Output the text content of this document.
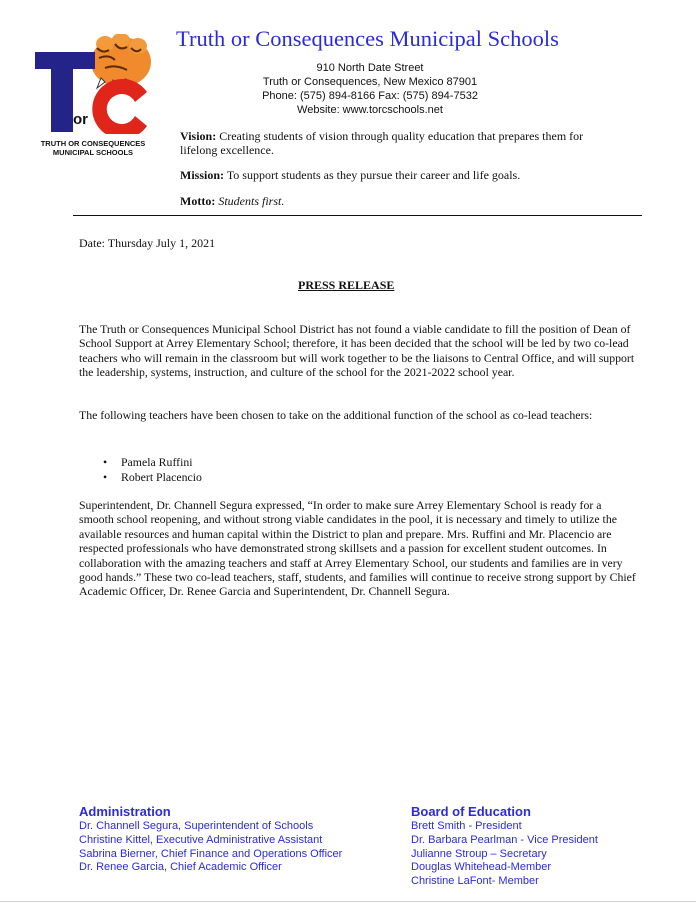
or
TRUTH OR CONSEQUENCES
MUNICIPAL SCHOOLS
Truth or Consequences Municipal Schools
910 North Date Street
Truth or Consequences, New Mexico 87901
Phone: (575) 894-8166 Fax: (575) 894-7532
Website: www.torcschools.net
Vision: Creating students of vision through quality education that prepares them for lifelong excellence.
Mission: To support students as they pursue their career and life goals.
Motto: Students first.
Date: Thursday July 1, 2021
PRESS RELEASE
The Truth or Consequences Municipal School District has not found a viable candidate to fill the position of Dean of School Support at Arrey Elementary School; therefore, it has been decided that the school will be led by two co-lead teachers who will remain in the classroom but will work together to be the liaisons to Central Office, and will support the leadership, systems, instruction, and culture of the school for the 2021-2022 school year.
The following teachers have been chosen to take on the additional function of the school as co-lead teachers:
• Pamela Ruffini
• Robert Placencio
Superintendent, Dr. Channell Segura expressed, “In order to make sure Arrey Elementary School is ready for a smooth school reopening, and without strong viable candidates in the pool, it is necessary and timely to utilize the available resources and human capital within the District to plan and prepare. Mrs. Ruffini and Mr. Placencio are respected professionals who have demonstrated strong skillsets and a passion for excellent student outcomes. In collaboration with the amazing teachers and staff at Arrey Elementary School, our students and families are in very good hands.” These two co-lead teachers, staff, students, and families will continue to receive strong support by Chief Academic Officer, Dr. Renee Garcia and Superintendent, Dr. Channell Segura.
Administration
Dr. Channell Segura, Superintendent of Schools
Christine Kittel, Executive Administrative Assistant
Sabrina Bierner, Chief Finance and Operations Officer
Dr. Renee Garcia, Chief Academic Officer
Board of Education
Brett Smith - President
Dr. Barbara Pearlman - Vice President
Julianne Stroup – Secretary
Douglas Whitehead-Member
Christine LaFont- Member
